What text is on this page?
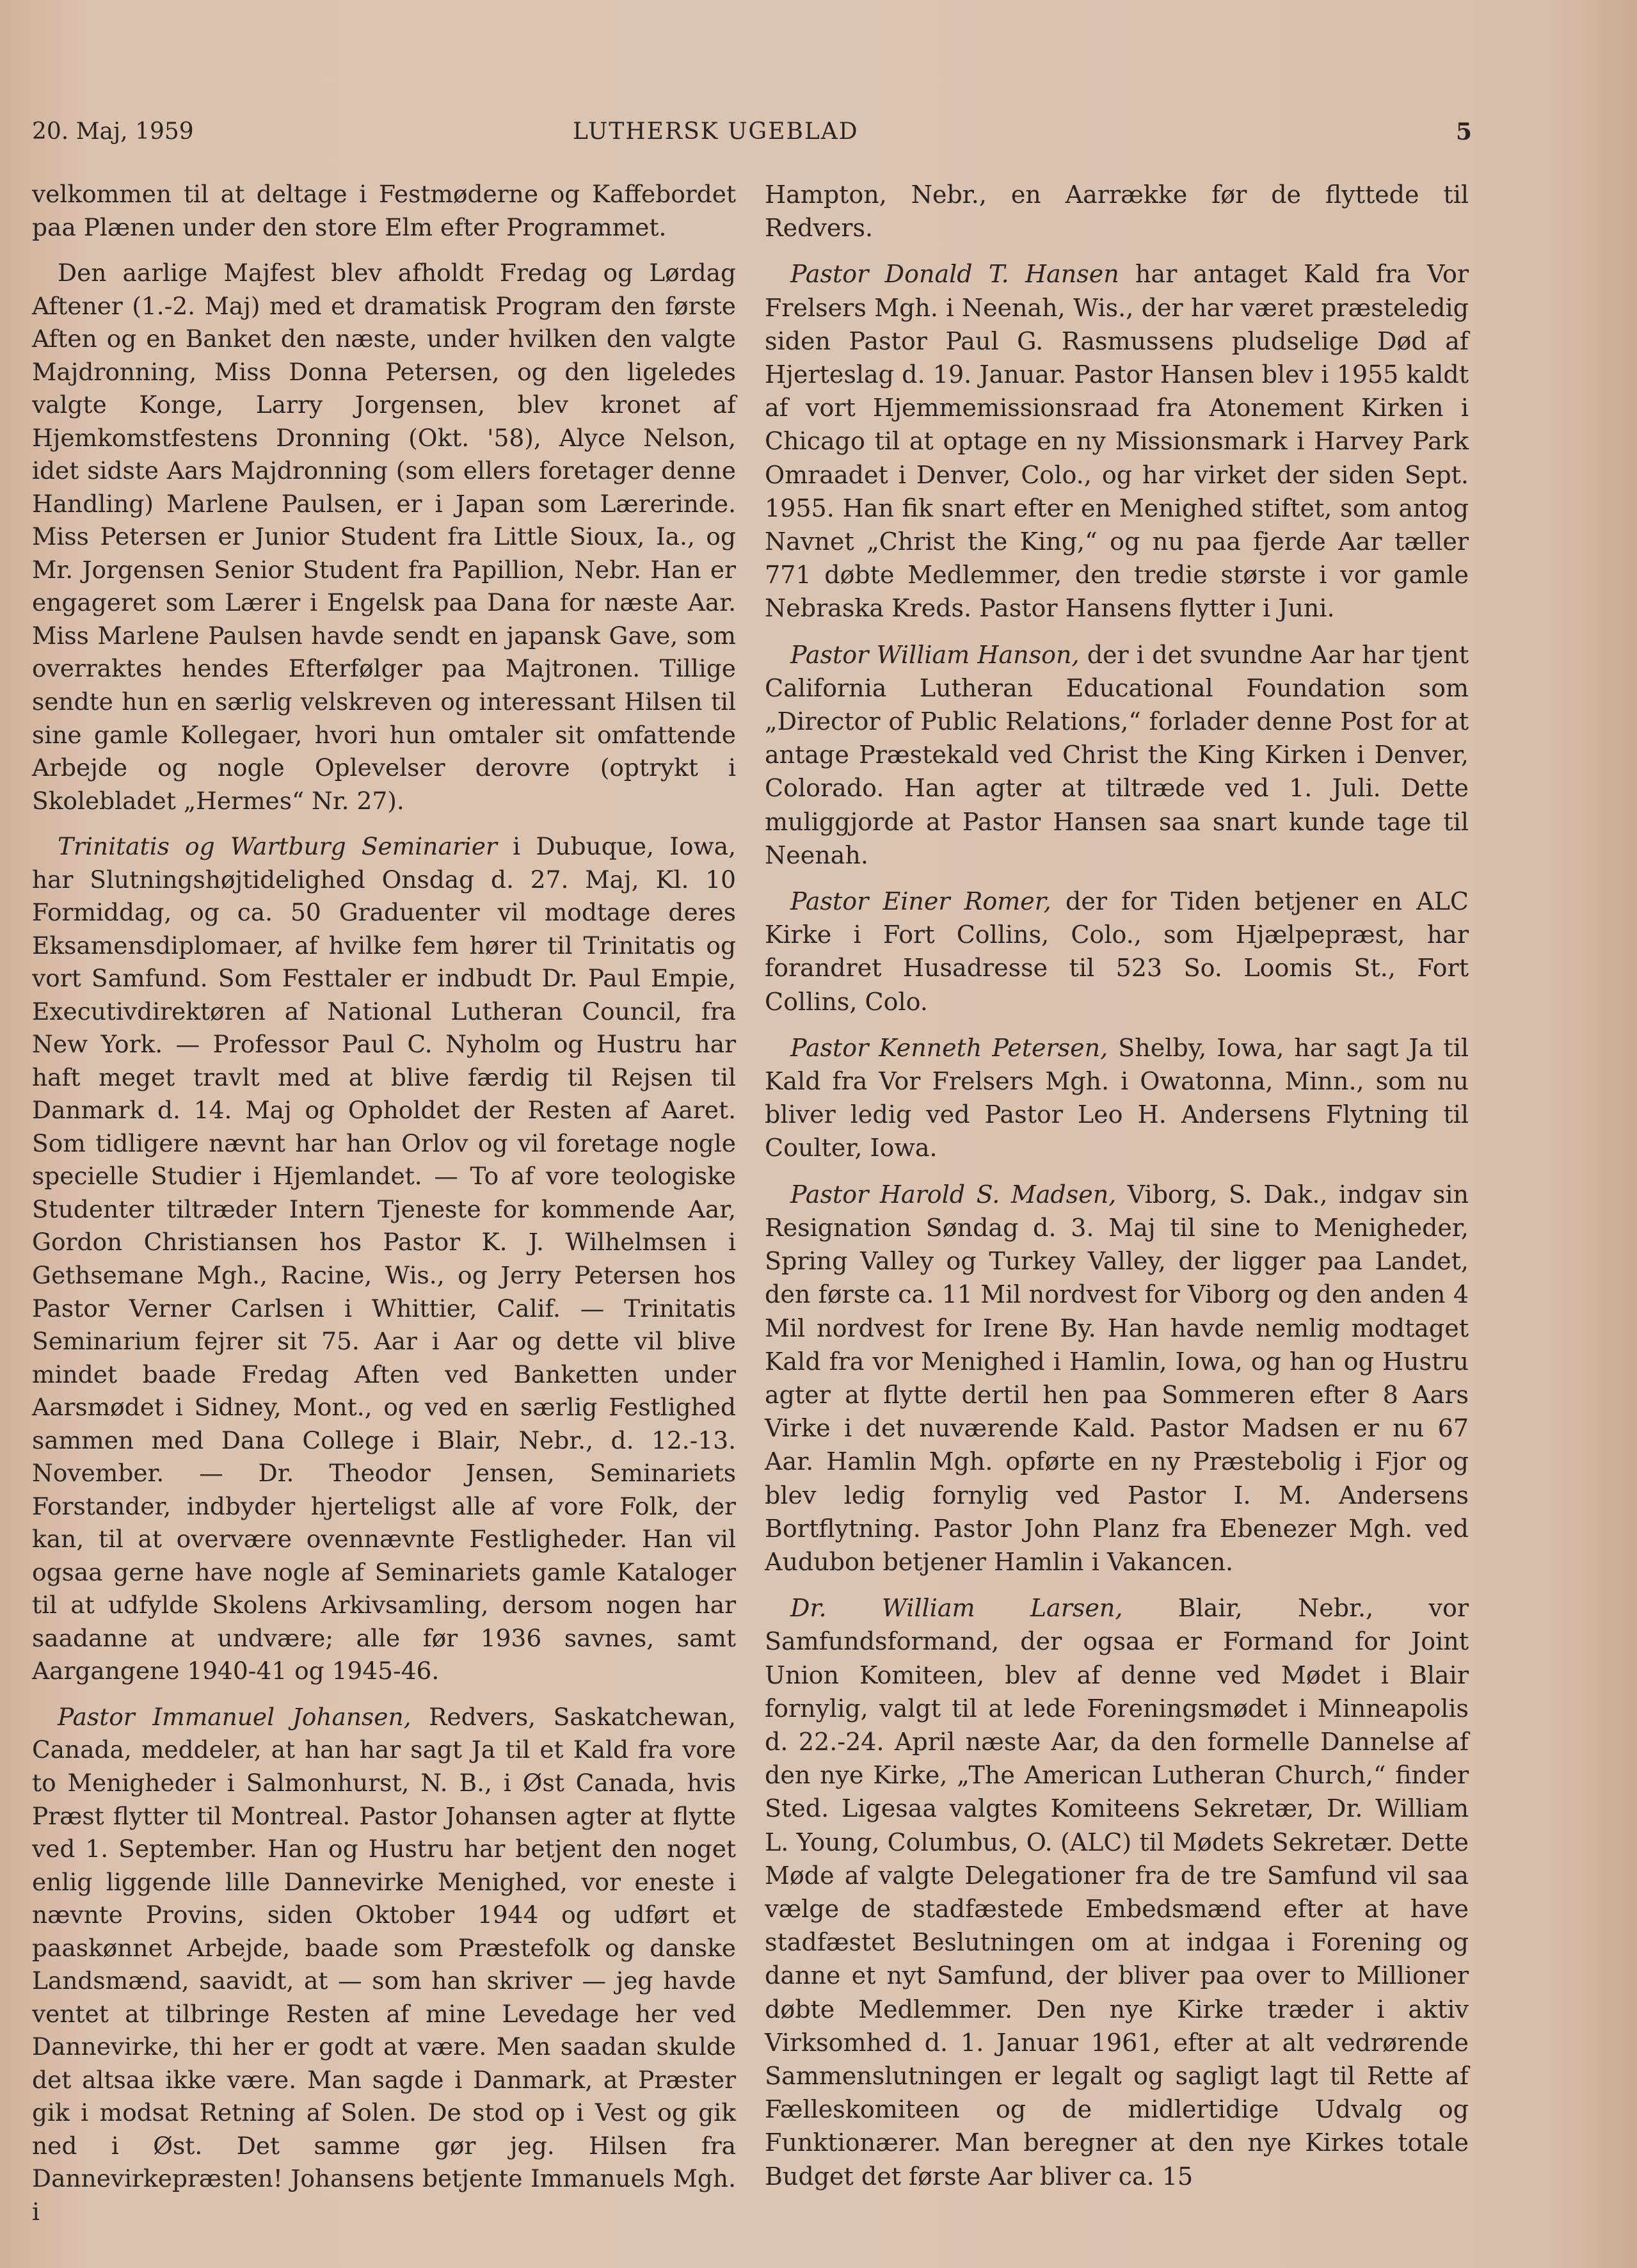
20. Maj, 1959	LUTHERSK UGEBLAD	5

velkommen til at deltage i Festmøderne og Kaffebordet paa Plænen under den store Elm efter Programmet.

Den aarlige Majfest blev afholdt Fredag og Lørdag Aftener (1.-2. Maj) med et dramatisk Program den første Aften og en Banket den næste, under hvilken den valgte Majdronning, Miss Donna Petersen, og den ligeledes valgte Konge, Larry Jorgensen, blev kronet af Hjemkomstfestens Dronning (Okt. '58), Alyce Nelson, idet sidste Aars Majdronning (som ellers foretager denne Handling) Marlene Paulsen, er i Japan som Lærerinde. Miss Petersen er Junior Student fra Little Sioux, Ia., og Mr. Jorgensen Senior Student fra Papillion, Nebr. Han er engageret som Lærer i Engelsk paa Dana for næste Aar. Miss Marlene Paulsen havde sendt en japansk Gave, som overraktes hendes Efterfølger paa Majtronen. Tillige sendte hun en særlig velskreven og interessant Hilsen til sine gamle Kollegaer, hvori hun omtaler sit omfattende Arbejde og nogle Oplevelser derovre (optrykt i Skolebladet „Hermes“ Nr. 27).

Trinitatis og Wartburg Seminarier i Dubuque, Iowa, har Slutningshøjtidelighed Onsdag d. 27. Maj, Kl. 10 Formiddag, og ca. 50 Graduenter vil modtage deres Eksamensdiplomaer, af hvilke fem hører til Trinitatis og vort Samfund. Som Festtaler er indbudt Dr. Paul Empie, Executivdirektøren af National Lutheran Council, fra New York. — Professor Paul C. Nyholm og Hustru har haft meget travlt med at blive færdig til Rejsen til Danmark d. 14. Maj og Opholdet der Resten af Aaret. Som tidligere nævnt har han Orlov og vil foretage nogle specielle Studier i Hjemlandet. — To af vore teologiske Studenter tiltræder Intern Tjeneste for kommende Aar, Gordon Christiansen hos Pastor K. J. Wilhelmsen i Gethsemane Mgh., Racine, Wis., og Jerry Petersen hos Pastor Verner Carlsen i Whittier, Calif. — Trinitatis Seminarium fejrer sit 75. Aar i Aar og dette vil blive mindet baade Fredag Aften ved Banketten under Aarsmødet i Sidney, Mont., og ved en særlig Festlighed sammen med Dana College i Blair, Nebr., d. 12.-13. November. — Dr. Theodor Jensen, Seminariets Forstander, indbyder hjerteligst alle af vore Folk, der kan, til at overvære ovennævnte Festligheder. Han vil ogsaa gerne have nogle af Seminariets gamle Kataloger til at udfylde Skolens Arkivsamling, dersom nogen har saadanne at undvære; alle før 1936 savnes, samt Aargangene 1940-41 og 1945-46.

Pastor Immanuel Johansen, Redvers, Saskatchewan, Canada, meddeler, at han har sagt Ja til et Kald fra vore to Menigheder i Salmonhurst, N. B., i Øst Canada, hvis Præst flytter til Montreal. Pastor Johansen agter at flytte ved 1. September. Han og Hustru har betjent den noget enlig liggende lille Dannevirke Menighed, vor eneste i nævnte Provins, siden Oktober 1944 og udført et paaskønnet Arbejde, baade som Præstefolk og danske Landsmænd, saavidt, at — som han skriver — jeg havde ventet at tilbringe Resten af mine Levedage her ved Dannevirke, thi her er godt at være. Men saadan skulde det altsaa ikke være. Man sagde i Danmark, at Præster gik i modsat Retning af Solen. De stod op i Vest og gik ned i Øst. Det samme gør jeg. Hilsen fra Dannevirkepræsten! Johansens betjente Immanuels Mgh. i

Hampton, Nebr., en Aarrække før de flyttede til Redvers.

Pastor Donald T. Hansen har antaget Kald fra Vor Frelsers Mgh. i Neenah, Wis., der har været præsteledig siden Pastor Paul G. Rasmussens pludselige Død af Hjerteslag d. 19. Januar. Pastor Hansen blev i 1955 kaldt af vort Hjemmemissionsraad fra Atonement Kirken i Chicago til at optage en ny Missionsmark i Harvey Park Omraadet i Denver, Colo., og har virket der siden Sept. 1955. Han fik snart efter en Menighed stiftet, som antog Navnet „Christ the King,“ og nu paa fjerde Aar tæller 771 døbte Medlemmer, den tredie største i vor gamle Nebraska Kreds. Pastor Hansens flytter i Juni.

Pastor William Hanson, der i det svundne Aar har tjent California Lutheran Educational Foundation som „Director of Public Relations,“ forlader denne Post for at antage Præstekald ved Christ the King Kirken i Denver, Colorado. Han agter at tiltræde ved 1. Juli. Dette muliggjorde at Pastor Hansen saa snart kunde tage til Neenah.

Pastor Einer Romer, der for Tiden betjener en ALC Kirke i Fort Collins, Colo., som Hjælpepræst, har forandret Husadresse til 523 So. Loomis St., Fort Collins, Colo.

Pastor Kenneth Petersen, Shelby, Iowa, har sagt Ja til Kald fra Vor Frelsers Mgh. i Owatonna, Minn., som nu bliver ledig ved Pastor Leo H. Andersens Flytning til Coulter, Iowa.

Pastor Harold S. Madsen, Viborg, S. Dak., indgav sin Resignation Søndag d. 3. Maj til sine to Menigheder, Spring Valley og Turkey Valley, der ligger paa Landet, den første ca. 11 Mil nordvest for Viborg og den anden 4 Mil nordvest for Irene By. Han havde nemlig modtaget Kald fra vor Menighed i Hamlin, Iowa, og han og Hustru agter at flytte dertil hen paa Sommeren efter 8 Aars Virke i det nuværende Kald. Pastor Madsen er nu 67 Aar. Hamlin Mgh. opførte en ny Præstebolig i Fjor og blev ledig fornylig ved Pastor I. M. Andersens Bortflytning. Pastor John Planz fra Ebenezer Mgh. ved Audubon betjener Hamlin i Vakancen.

Dr. William Larsen, Blair, Nebr., vor Samfundsformand, der ogsaa er Formand for Joint Union Komiteen, blev af denne ved Mødet i Blair fornylig, valgt til at lede Foreningsmødet i Minneapolis d. 22.-24. April næste Aar, da den formelle Dannelse af den nye Kirke, „The American Lutheran Church,“ finder Sted. Ligesaa valgtes Komiteens Sekretær, Dr. William L. Young, Columbus, O. (ALC) til Mødets Sekretær. Dette Møde af valgte Delegationer fra de tre Samfund vil saa vælge de stadfæstede Embedsmænd efter at have stadfæstet Beslutningen om at indgaa i Forening og danne et nyt Samfund, der bliver paa over to Millioner døbte Medlemmer. Den nye Kirke træder i aktiv Virksomhed d. 1. Januar 1961, efter at alt vedrørende Sammenslutningen er legalt og sagligt lagt til Rette af Fælleskomiteen og de midlertidige Udvalg og Funktionærer. Man beregner at den nye Kirkes totale Budget det første Aar bliver ca. 15
